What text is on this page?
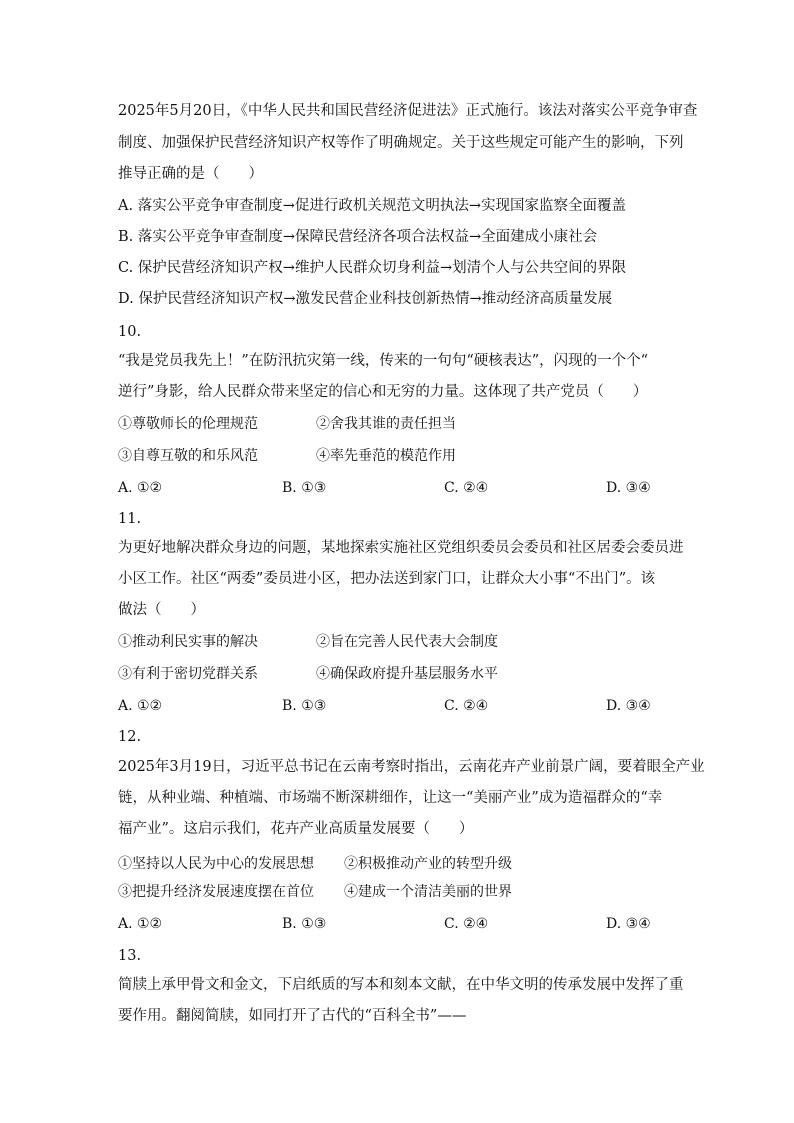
2025年5月20日，《中华人民共和国民营经济促进法》正式施行。该法对落实公平竞争审查
制度、加强保护民营经济知识产权等作了明确规定。关于这些规定可能产生的影响，下列
推导正确的是（　　）
A. 落实公平竞争审查制度→促进行政机关规范文明执法→实现国家监察全面覆盖
B. 落实公平竞争审查制度→保障民营经济各项合法权益→全面建成小康社会
C. 保护民营经济知识产权→维护人民群众切身利益→划清个人与公共空间的界限
D. 保护民营经济知识产权→激发民营企业科技创新热情→推动经济高质量发展
10.
“我是党员我先上！”在防汛抗灾第一线，传来的一句句“硬核表达”，闪现的一个个“
逆行”身影，给人民群众带来坚定的信心和无穷的力量。这体现了共产党员（　　）
①尊敬师长的伦理规范	②舍我其谁的责任担当
③自尊互敬的和乐风范	④率先垂范的模范作用
A. ①②	B. ①③	C. ②④	D. ③④
11.
为更好地解决群众身边的问题，某地探索实施社区党组织委员会委员和社区居委会委员进
小区工作。社区“两委”委员进小区，把办法送到家门口，让群众大小事“不出门”。该
做法（　　）
①推动利民实事的解决	②旨在完善人民代表大会制度
③有利于密切党群关系	④确保政府提升基层服务水平
A. ①②	B. ①③	C. ②④	D. ③④
12.
2025年3月19日，习近平总书记在云南考察时指出，云南花卉产业前景广阔，要着眼全产业
链，从种业端、种植端、市场端不断深耕细作，让这一“美丽产业”成为造福群众的“幸
福产业”。这启示我们，花卉产业高质量发展要（　　）
①坚持以人民为中心的发展思想 ②积极推动产业的转型升级
③把提升经济发展速度摆在首位 ④建成一个清洁美丽的世界
A. ①②	B. ①③	C. ②④	D. ③④
13.
简牍上承甲骨文和金文，下启纸质的写本和刻本文献，在中华文明的传承发展中发挥了重
要作用。翻阅简牍，如同打开了古代的“百科全书”——
